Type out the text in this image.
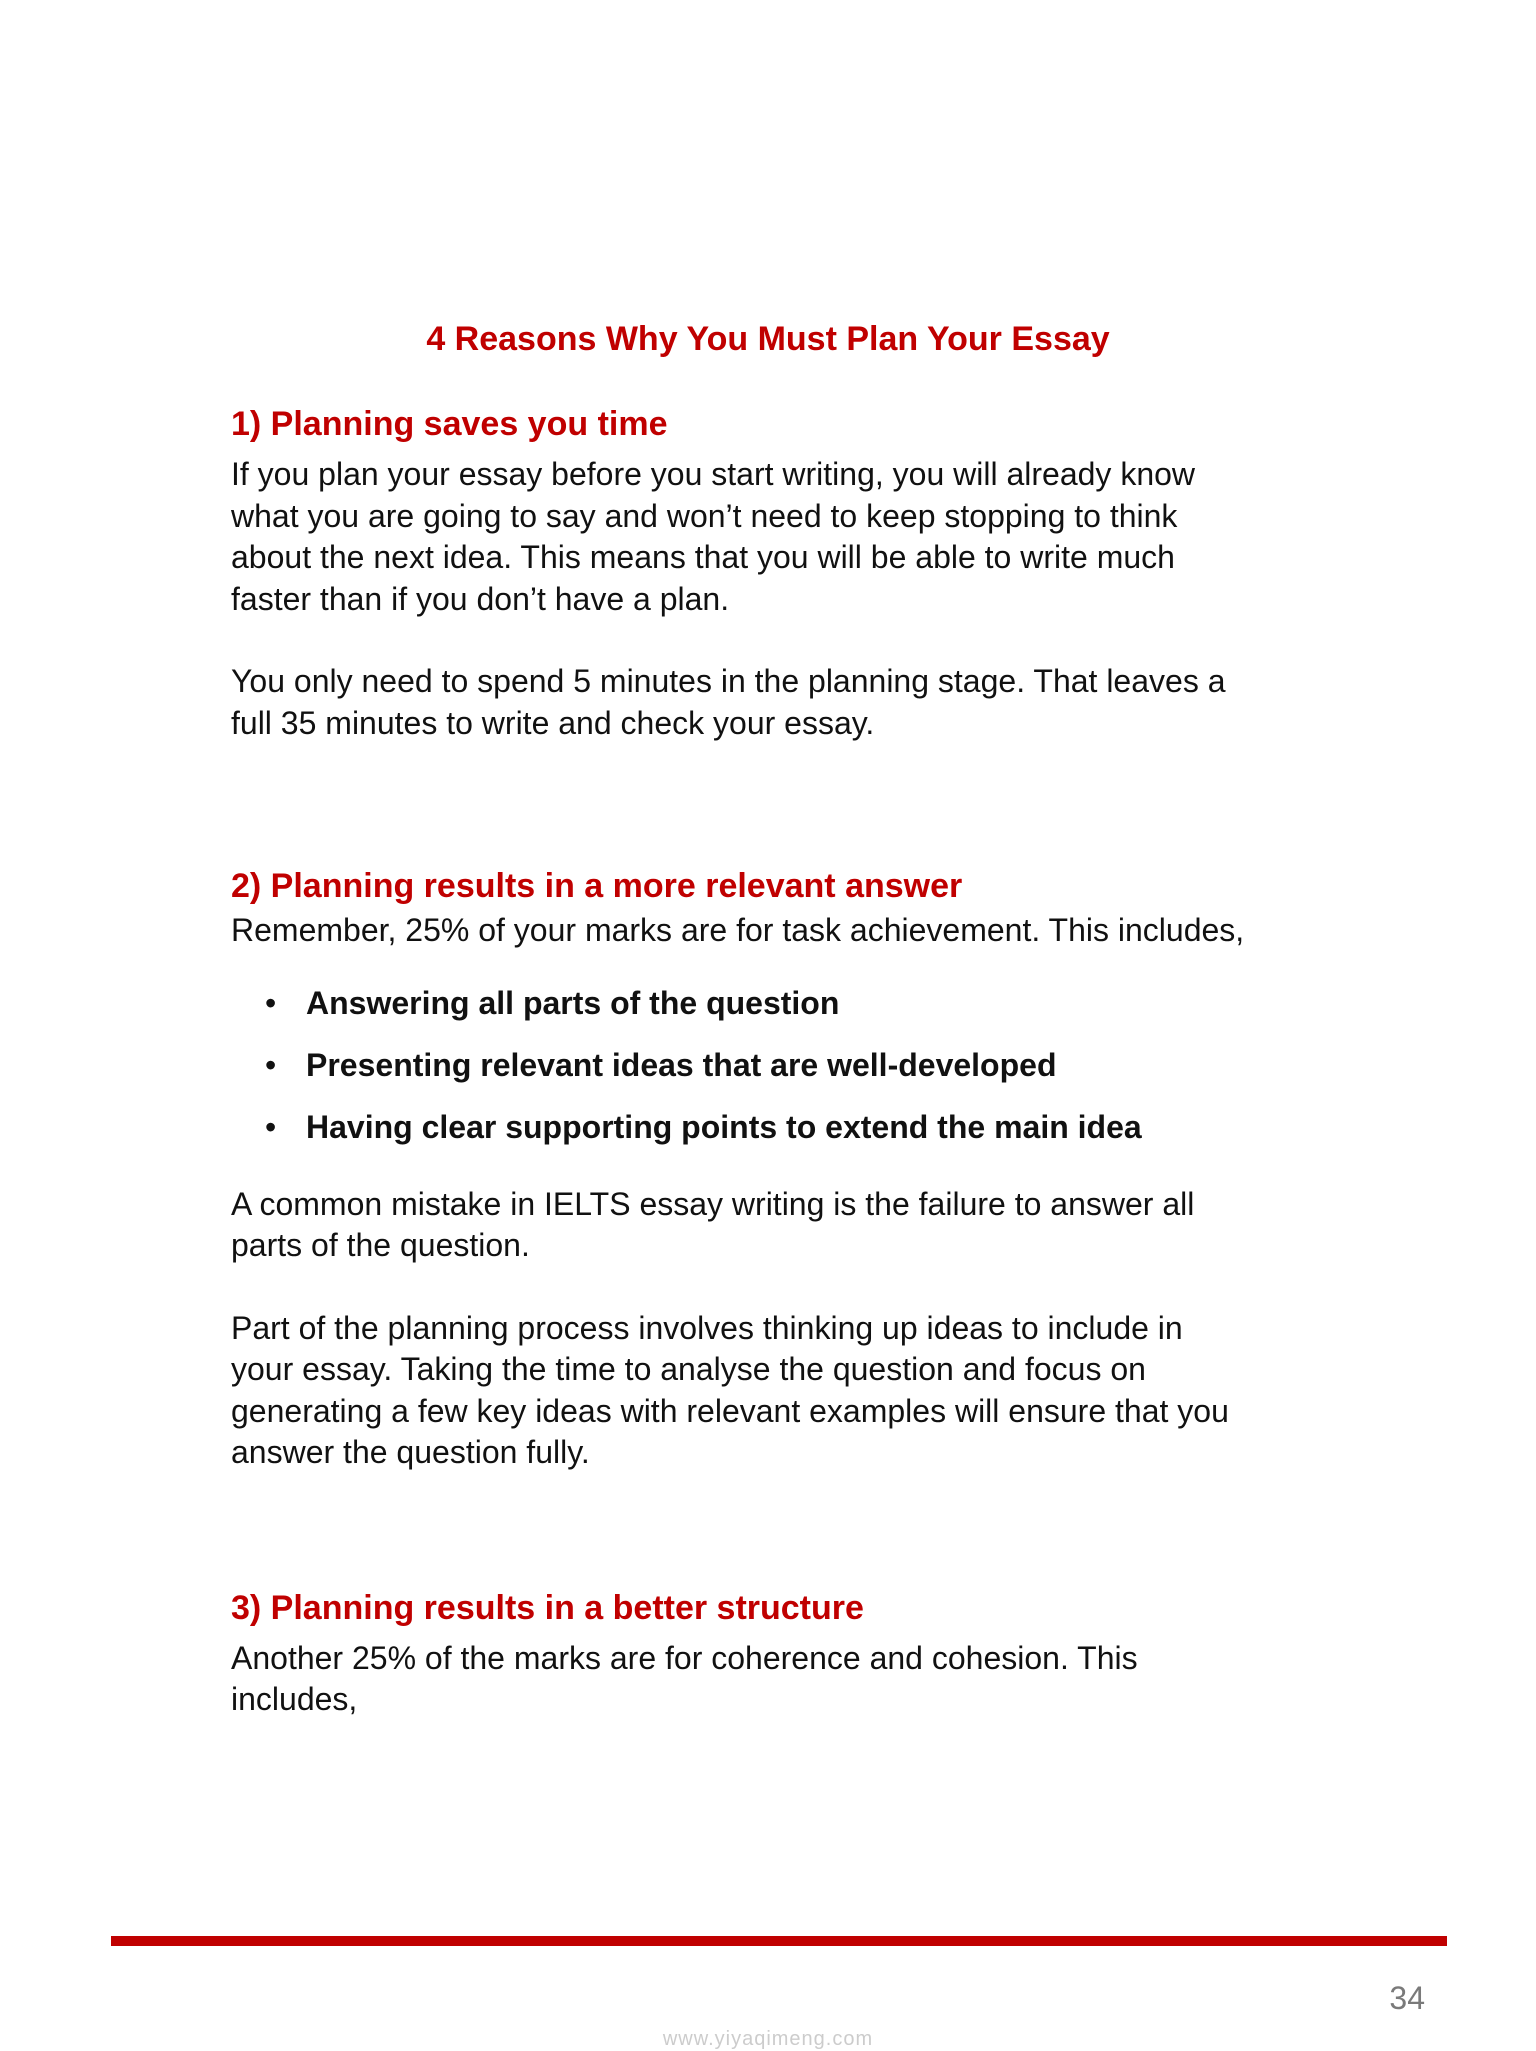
4 Reasons Why You Must Plan Your Essay
1) Planning saves you time

If you plan your essay before you start writing, you will already know
what you are going to say and won’t need to keep stopping to think
about the next idea. This means that you will be able to write much
faster than if you don’t have a plan.

You only need to spend 5 minutes in the planning stage. That leaves a
full 35 minutes to write and check your essay.

2) Planning results in a more relevant answer

Remember, 25% of your marks are for task achievement. This includes,

• Answering all parts of the question
• Presenting relevant ideas that are well-developed
• Having clear supporting points to extend the main idea

A common mistake in IELTS essay writing is the failure to answer all
parts of the question.

Part of the planning process involves thinking up ideas to include in
your essay. Taking the time to analyse the question and focus on
generating a few key ideas with relevant examples will ensure that you
answer the question fully.

3) Planning results in a better structure

Another 25% of the marks are for coherence and cohesion. This
includes,

34
www.yiyaqimeng.com
